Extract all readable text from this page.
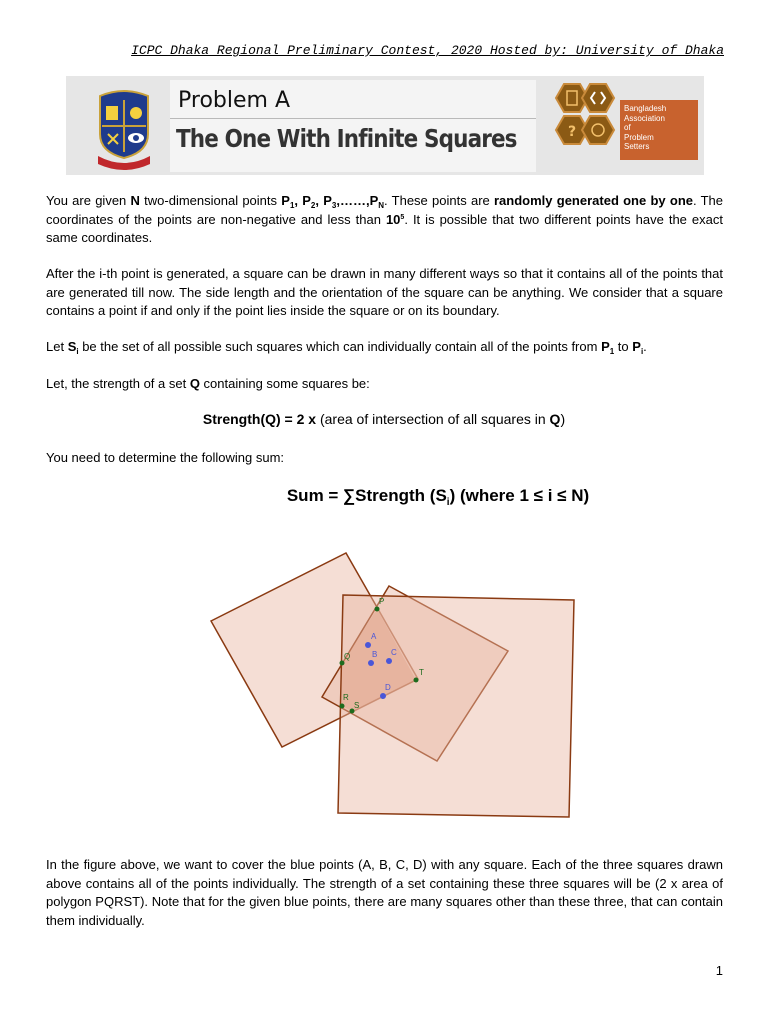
ICPC Dhaka Regional Preliminary Contest, 2020 Hosted by: University of Dhaka
Problem A
The One With Infinite Squares	?
Bangladesh
Association
of
Problem
Setters

You are given N two-dimensional points $P_1$, $P_2$, $P_3,\dots\dots,P_N$. These points are randomly generated one by one. The coordinates of the points are non-negative and less than $10^5$. It is possible that two different points have the exact same coordinates.

After the i-th point is generated, a square can be drawn in many different ways so that it contains all of the points that are generated till now. The side length and the orientation of the square can be anything. We consider that a square contains a point if and only if the point lies inside the square or on its boundary.

Let $S_i$ be the set of all possible such squares which can individually contain all of the points from $P_1$ to $P_i$.

Let, the strength of a set Q containing some squares be:

Strength(Q) = 2 x (area of intersection of all squares in Q)

You need to determine the following sum:

Sum = ∑Strength $(S_i)$ (where 1 ≤ i ≤ N)

A
B C
D
P
Q
R
S
T

In the figure above, we want to cover the blue points (A, B, C, D) with any square. Each of the three squares drawn above contains all of the points individually. The strength of a set containing these three squares will be (2 x area of polygon PQRST). Note that for the given blue points, there are many squares other than these three, that can contain them individually.

1
